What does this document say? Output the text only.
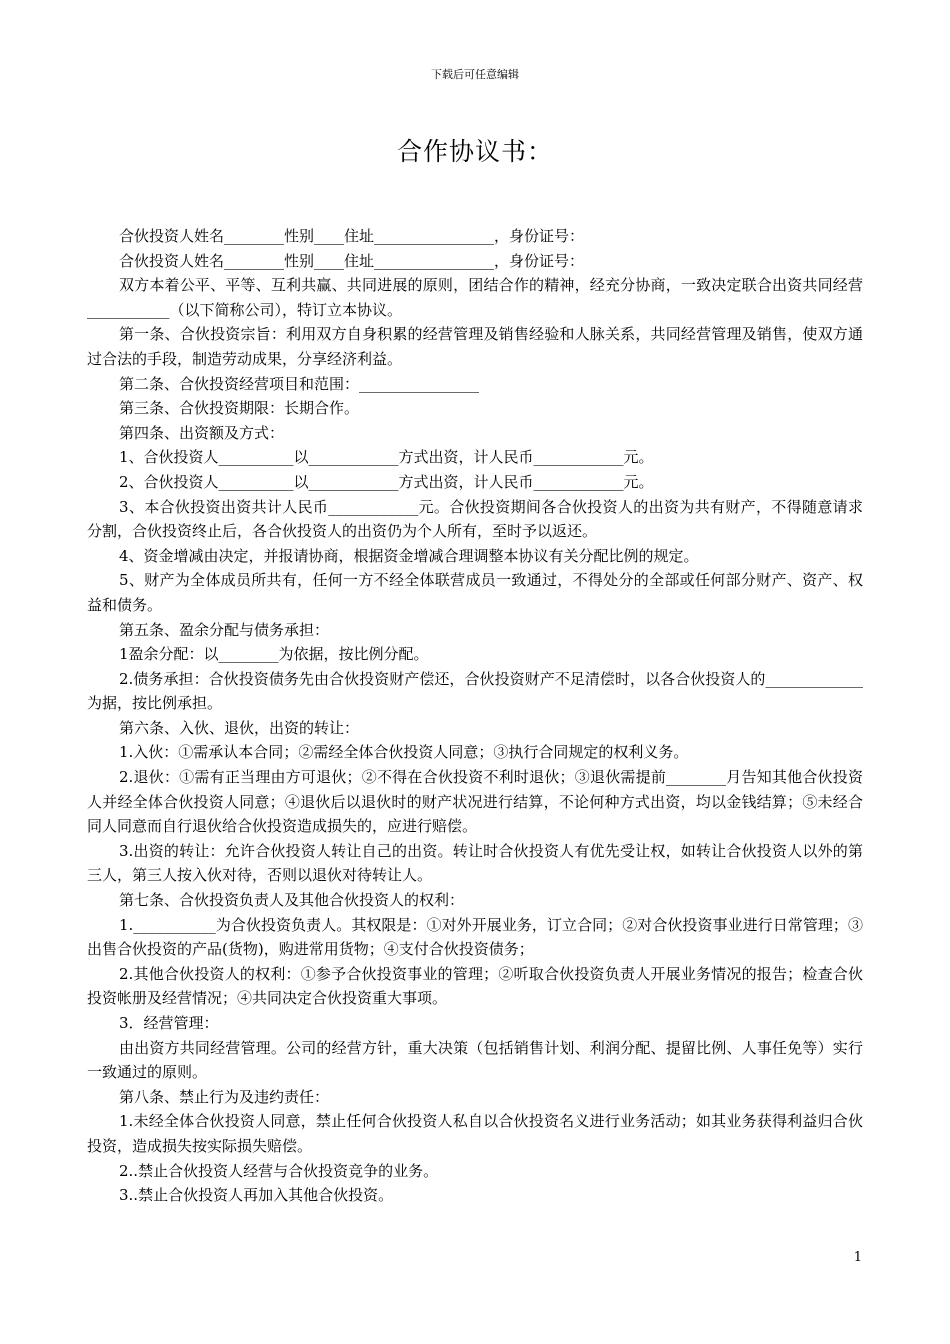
下载后可任意编辑
合作协议书：

合伙投资人姓名________性别____住址________________，身份证号：

合伙投资人姓名________性别____住址________________，身份证号：

双方本着公平、平等、互利共赢、共同进展的原则，团结合作的精神，经充分协商，一致决定联合出资共同经营___________（以下简称公司），特订立本协议。

第一条、合伙投资宗旨：利用双方自身积累的经营管理及销售经验和人脉关系，共同经营管理及销售，使双方通过合法的手段，制造劳动成果，分享经济利益。

第二条、合伙投资经营项目和范围：________________

第三条、合伙投资期限：长期合作。

第四条、出资额及方式：

1、合伙投资人__________以____________方式出资，计人民币____________元。

2、合伙投资人__________以____________方式出资，计人民币____________元。

3、本合伙投资出资共计人民币____________元。合伙投资期间各合伙投资人的出资为共有财产，不得随意请求分割，合伙投资终止后，各合伙投资人的出资仍为个人所有，至时予以返还。

4、资金增减由决定，并报请协商，根据资金增减合理调整本协议有关分配比例的规定。

5、财产为全体成员所共有，任何一方不经全体联营成员一致通过，不得处分的全部或任何部分财产、资产、权益和债务。

第五条、盈余分配与债务承担：

1盈余分配：以________为依据，按比例分配。

2.债务承担：合伙投资债务先由合伙投资财产偿还，合伙投资财产不足清偿时，以各合伙投资人的_____________为据，按比例承担。

第六条、入伙、退伙，出资的转让：

1.入伙：①需承认本合同；②需经全体合伙投资人同意；③执行合同规定的权利义务。

2.退伙：①需有正当理由方可退伙；②不得在合伙投资不利时退伙；③退伙需提前________月告知其他合伙投资人并经全体合伙投资人同意；④退伙后以退伙时的财产状况进行结算，不论何种方式出资，均以金钱结算；⑤未经合同人同意而自行退伙给合伙投资造成损失的，应进行赔偿。

3.出资的转让：允许合伙投资人转让自己的出资。转让时合伙投资人有优先受让权，如转让合伙投资人以外的第三人，第三人按入伙对待，否则以退伙对待转让人。

第七条、合伙投资负责人及其他合伙投资人的权利：

1.___________为合伙投资负责人。其权限是：①对外开展业务，订立合同；②对合伙投资事业进行日常管理；③出售合伙投资的产品(货物)，购进常用货物；④支付合伙投资债务；

2.其他合伙投资人的权利：①参予合伙投资事业的管理；②听取合伙投资负责人开展业务情况的报告；检查合伙投资帐册及经营情况；④共同决定合伙投资重大事项。

3．经营管理：

由出资方共同经营管理。公司的经营方针，重大决策（包括销售计划、利润分配、提留比例、人事任免等）实行一致通过的原则。

第八条、禁止行为及违约责任：

1.未经全体合伙投资人同意，禁止任何合伙投资人私自以合伙投资名义进行业务活动；如其业务获得利益归合伙投资，造成损失按实际损失赔偿。

2..禁止合伙投资人经营与合伙投资竞争的业务。

3..禁止合伙投资人再加入其他合伙投资。

1
